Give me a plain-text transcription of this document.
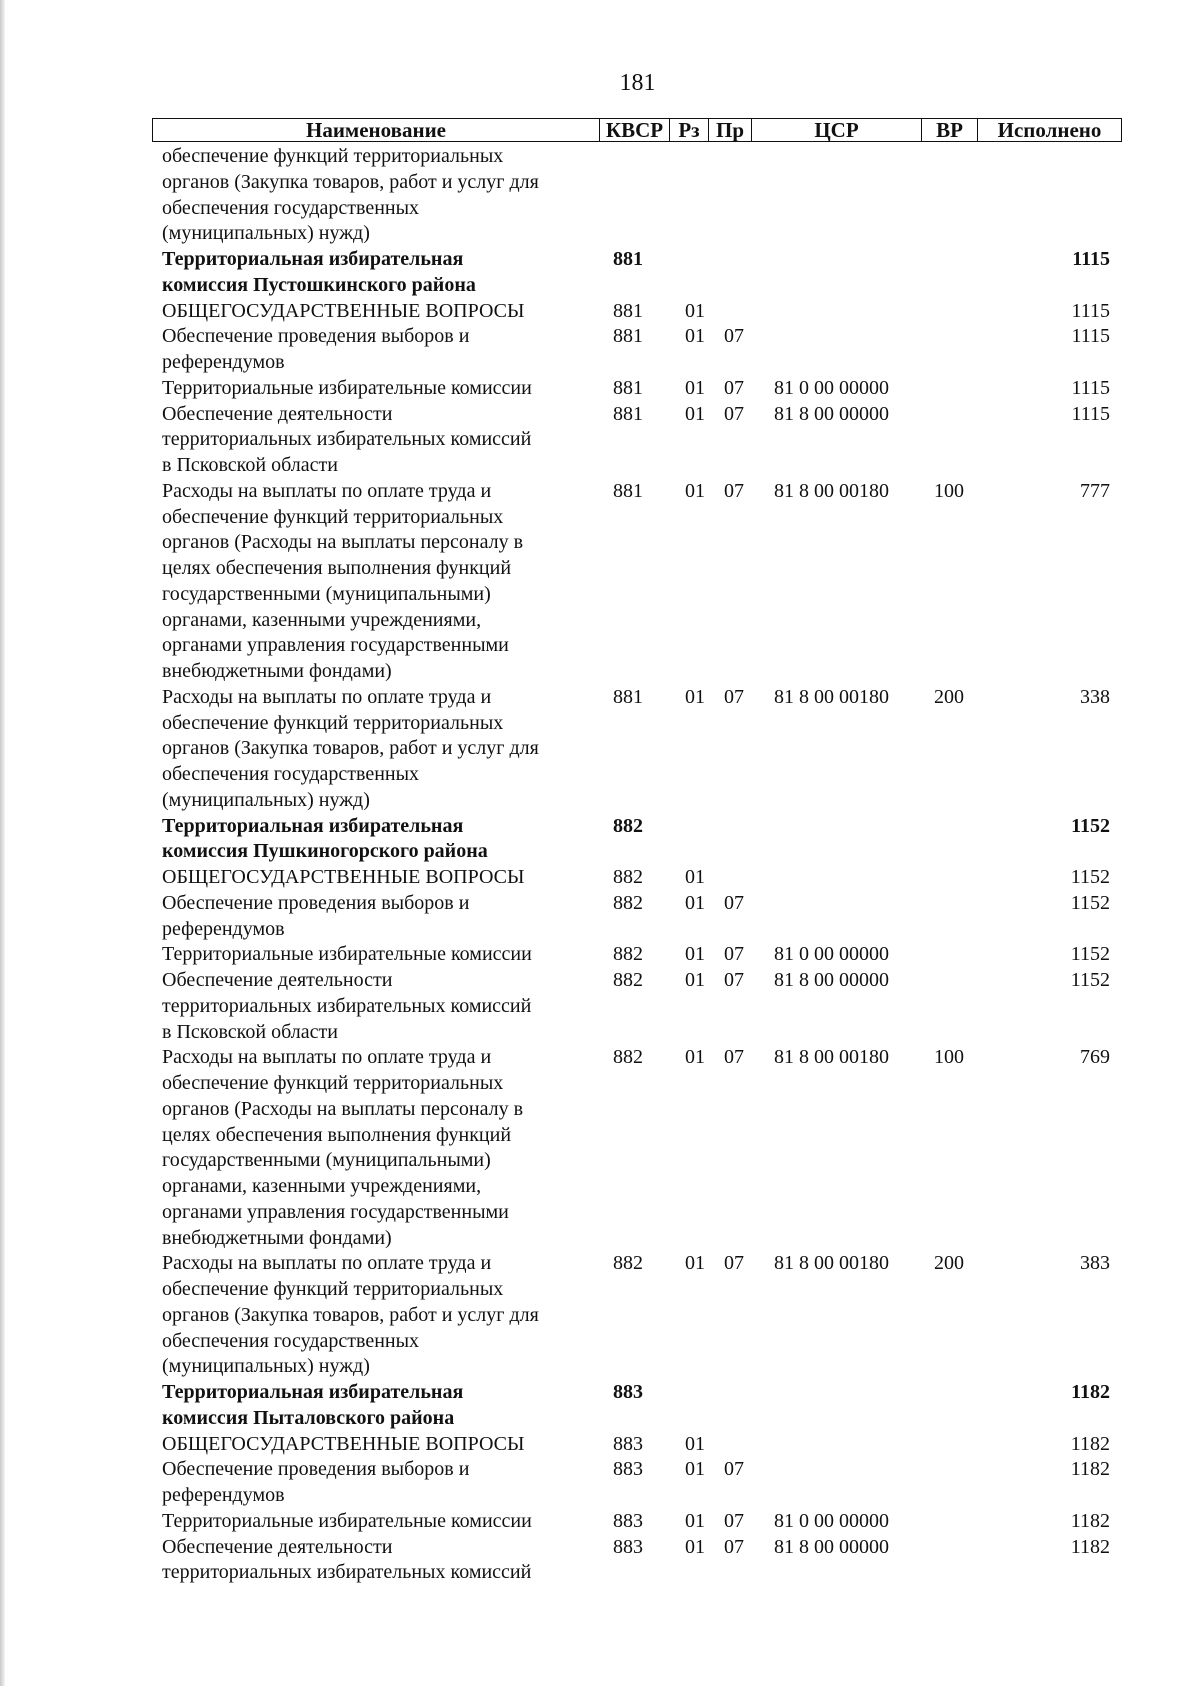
181
Наименование	КВСР Рз Пр	ЦСР	ВР	Исполнено
обеспечение функций территориальных
органов (Закупка товаров, работ и услуг для
обеспечения государственных
(муниципальных) нужд)
Территориальная избирательная
комиссия Пустошкинского района
881	1115
ОБЩЕГОСУДАРСТВЕННЫЕ ВОПРОСЫ	881	01	1115
Обеспечение проведения выборов и
референдумов
881	01 07	1115
Территориальные избирательные комиссии	881	01 07	81 0 00 00000	1115
Обеспечение деятельности
территориальных избирательных комиссий
в Псковской области
881	01 07	81 8 00 00000	1115
Расходы на выплаты по оплате труда и
обеспечение функций территориальных
органов (Расходы на выплаты персоналу в
целях обеспечения выполнения функций
государственными (муниципальными)
органами, казенными учреждениями,
органами управления государственными
внебюджетными фондами)
881	01 07	81 8 00 00180	100	777
Расходы на выплаты по оплате труда и
обеспечение функций территориальных
органов (Закупка товаров, работ и услуг для
обеспечения государственных
(муниципальных) нужд)
881	01 07	81 8 00 00180	200	338
Территориальная избирательная
комиссия Пушкиногорского района
882	1152
ОБЩЕГОСУДАРСТВЕННЫЕ ВОПРОСЫ	882	01	1152
Обеспечение проведения выборов и
референдумов
882	01 07	1152
Территориальные избирательные комиссии	882	01 07	81 0 00 00000	1152
Обеспечение деятельности
территориальных избирательных комиссий
в Псковской области
882	01 07	81 8 00 00000	1152
Расходы на выплаты по оплате труда и
обеспечение функций территориальных
органов (Расходы на выплаты персоналу в
целях обеспечения выполнения функций
государственными (муниципальными)
органами, казенными учреждениями,
органами управления государственными
внебюджетными фондами)
882	01 07	81 8 00 00180	100	769
Расходы на выплаты по оплате труда и
обеспечение функций территориальных
органов (Закупка товаров, работ и услуг для
обеспечения государственных
(муниципальных) нужд)
882	01 07	81 8 00 00180	200	383
Территориальная избирательная
комиссия Пыталовского района
883	1182
ОБЩЕГОСУДАРСТВЕННЫЕ ВОПРОСЫ	883	01	1182
Обеспечение проведения выборов и
референдумов
883	01 07	1182
Территориальные избирательные комиссии	883	01 07	81 0 00 00000	1182
Обеспечение деятельности
территориальных избирательных комиссий
883	01 07	81 8 00 00000	1182
